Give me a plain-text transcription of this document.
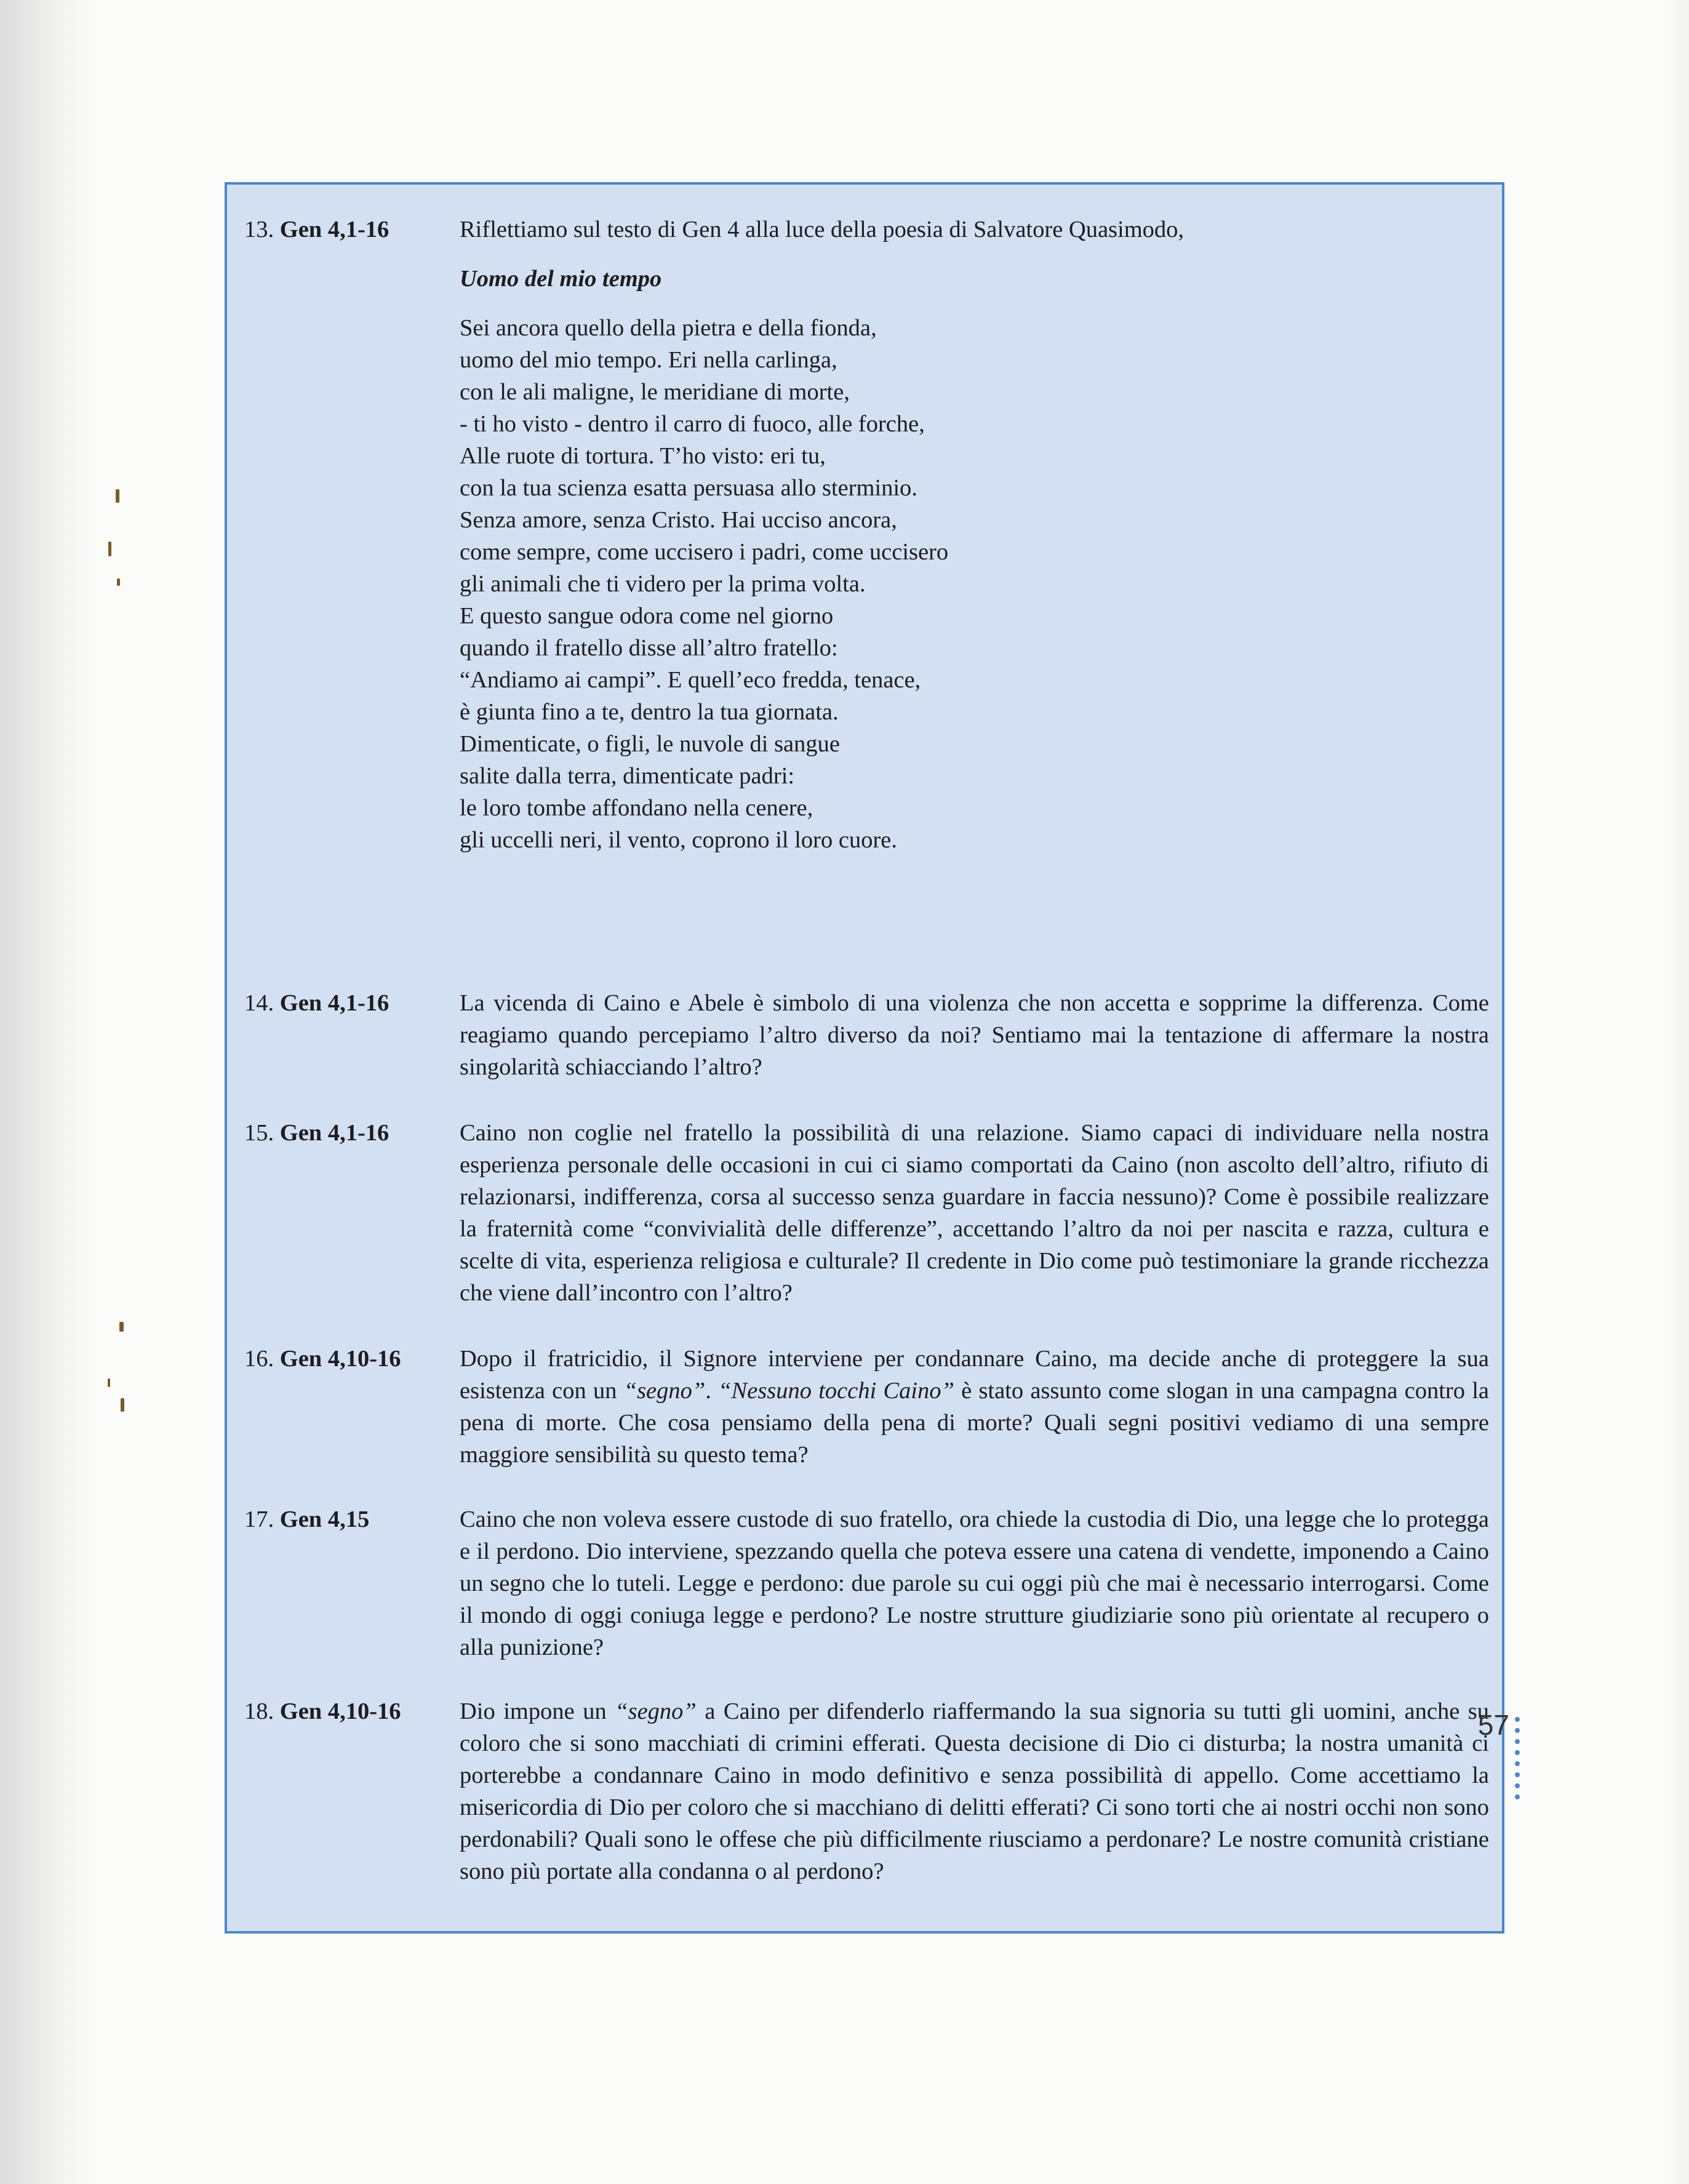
13. Gen 4,1-16	Riflettiamo sul testo di Gen 4 alla luce della poesia di Salvatore Quasimodo,

Uomo del mio tempo

Sei ancora quello della pietra e della fionda,
uomo del mio tempo. Eri nella carlinga,
con le ali maligne, le meridiane di morte,
- ti ho visto - dentro il carro di fuoco, alle forche,
Alle ruote di tortura. T’ho visto: eri tu,
con la tua scienza esatta persuasa allo sterminio.
Senza amore, senza Cristo. Hai ucciso ancora,
come sempre, come uccisero i padri, come uccisero
gli animali che ti videro per la prima volta.
E questo sangue odora come nel giorno
quando il fratello disse all’altro fratello:
“Andiamo ai campi”. E quell’eco fredda, tenace,
è giunta fino a te, dentro la tua giornata.
Dimenticate, o figli, le nuvole di sangue
salite dalla terra, dimenticate padri:
le loro tombe affondano nella cenere,
gli uccelli neri, il vento, coprono il loro cuore.
14. Gen 4,1-16	La vicenda di Caino e Abele è simbolo di una violenza che non accetta e sopprime la differenza. Come reagiamo quando percepiamo l’altro diverso da noi? Sentiamo mai la tentazione di affermare la nostra singolarità schiacciando l’altro?

15. Gen 4,1-16	Caino non coglie nel fratello la possibilità di una relazione. Siamo capaci di individuare nella nostra esperienza personale delle occasioni in cui ci siamo comportati da Caino (non ascolto dell’altro, rifiuto di relazionarsi, indifferenza, corsa al successo senza guardare in faccia nessuno)? Come è possibile realizzare la fraternità come “convivialità delle differenze”, accettando l’altro da noi per nascita e razza, cultura e scelte di vita, esperienza religiosa e culturale? Il credente in Dio come può testimoniare la grande ricchezza che viene dall’incontro con l’altro?

16. Gen 4,10-16	Dopo il fratricidio, il Signore interviene per condannare Caino, ma decide anche di proteggere la sua esistenza con un “segno”. “Nessuno tocchi Caino” è stato assunto come slogan in una campagna contro la pena di morte. Che cosa pensiamo della pena di morte? Quali segni positivi vediamo di una sempre maggiore sensibilità su questo tema?

17. Gen 4,15	Caino che non voleva essere custode di suo fratello, ora chiede la custodia di Dio, una legge che lo protegga e il perdono. Dio interviene, spezzando quella che poteva essere una catena di vendette, imponendo a Caino un segno che lo tuteli. Legge e perdono: due parole su cui oggi più che mai è necessario interrogarsi. Come il mondo di oggi coniuga legge e perdono? Le nostre strutture giudiziarie sono più orientate al recupero o alla punizione?

18. Gen 4,10-16	Dio impone un “segno” a Caino per difenderlo riaffermando la sua signoria su tutti gli uomini, anche su coloro che si sono macchiati di crimini efferati. Questa decisione di Dio ci disturba; la nostra umanità ci porterebbe a condannare Caino in modo definitivo e senza possibilità di appello. Come accettiamo la misericordia di Dio per coloro che si macchiano di delitti efferati? Ci sono torti che ai nostri occhi non sono perdonabili? Quali sono le offese che più difficilmente riusciamo a perdonare? Le nostre comunità cristiane sono più portate alla condanna o al perdono?

57
